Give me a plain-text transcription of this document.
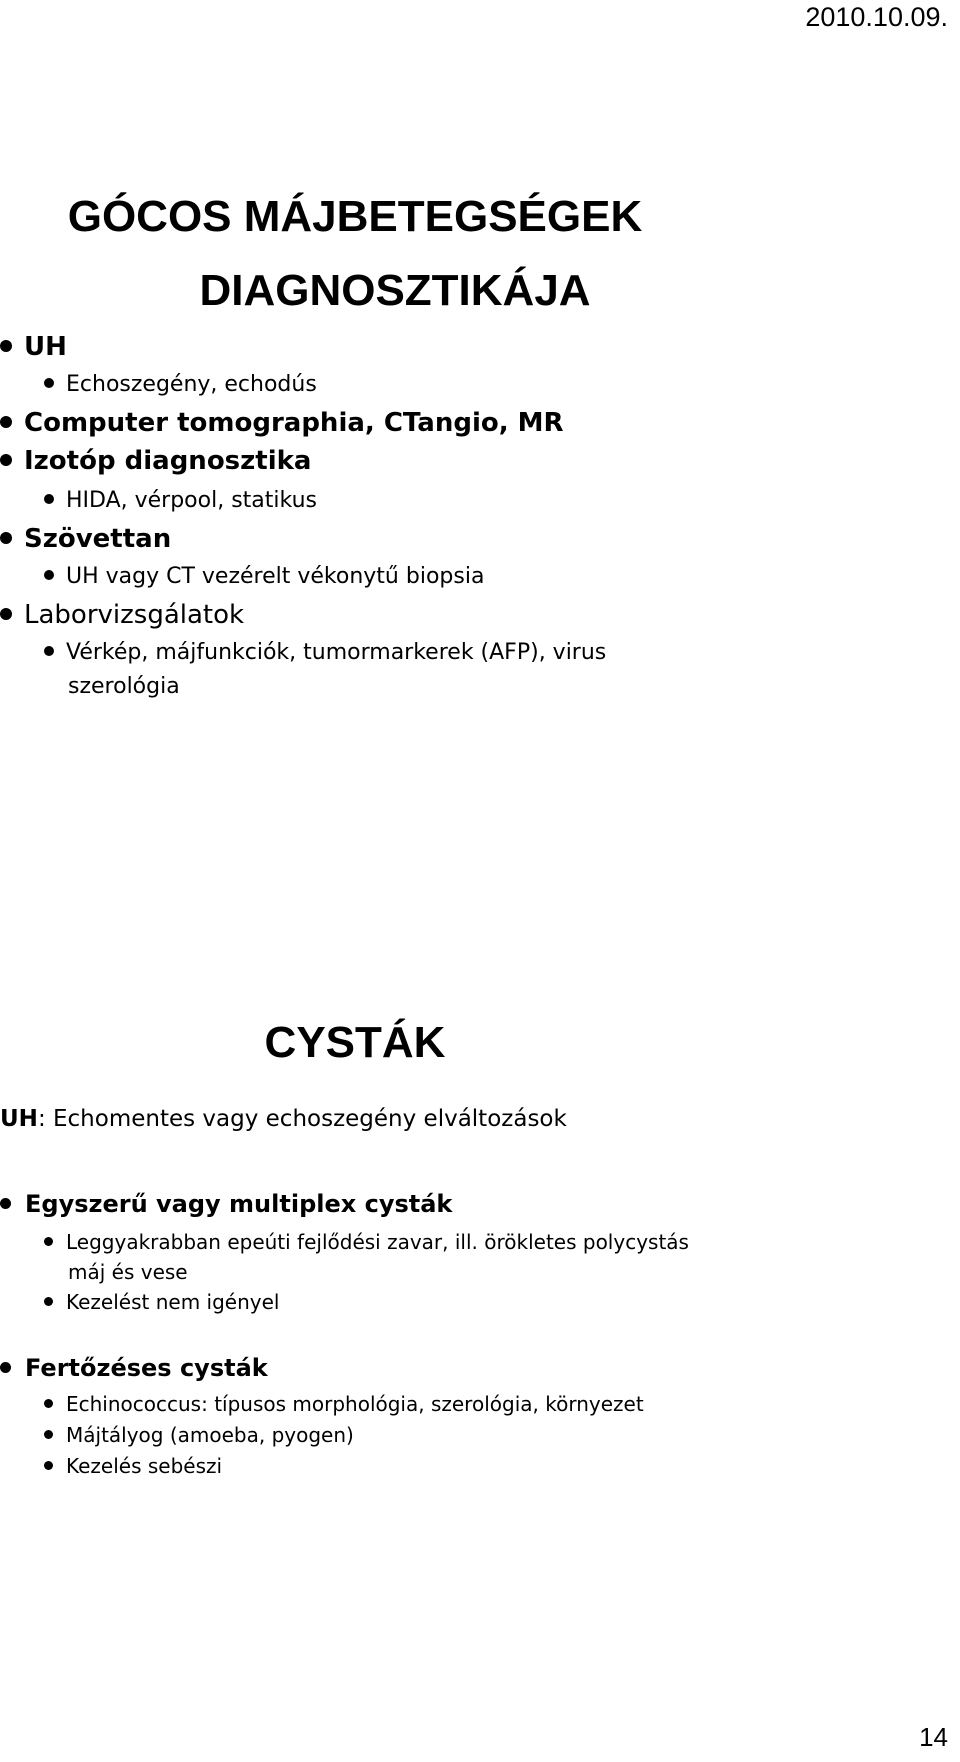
2010.10.09.
GÓCOS MÁJBETEGSÉGEK
DIAGNOSZTIKÁJA
UH
Echoszegény, echodús
Computer tomographia, CTangio, MR
Izotóp diagnosztika
HIDA, vérpool, statikus
Szövettan
UH vagy CT vezérelt vékonytű biopsia
Laborvizsgálatok
Vérkép, májfunkciók, tumormarkerek (AFP), virus
szerológia
CYSTÁK
UH: Echomentes vagy echoszegény elváltozások
Egyszerű vagy multiplex cysták
Leggyakrabban epeúti fejlődési zavar, ill. örökletes polycystás
máj és vese
Kezelést nem igényel
Fertőzéses cysták
Echinococcus: típusos morphológia, szerológia, környezet
Májtályog (amoeba, pyogen)
Kezelés sebészi
14
